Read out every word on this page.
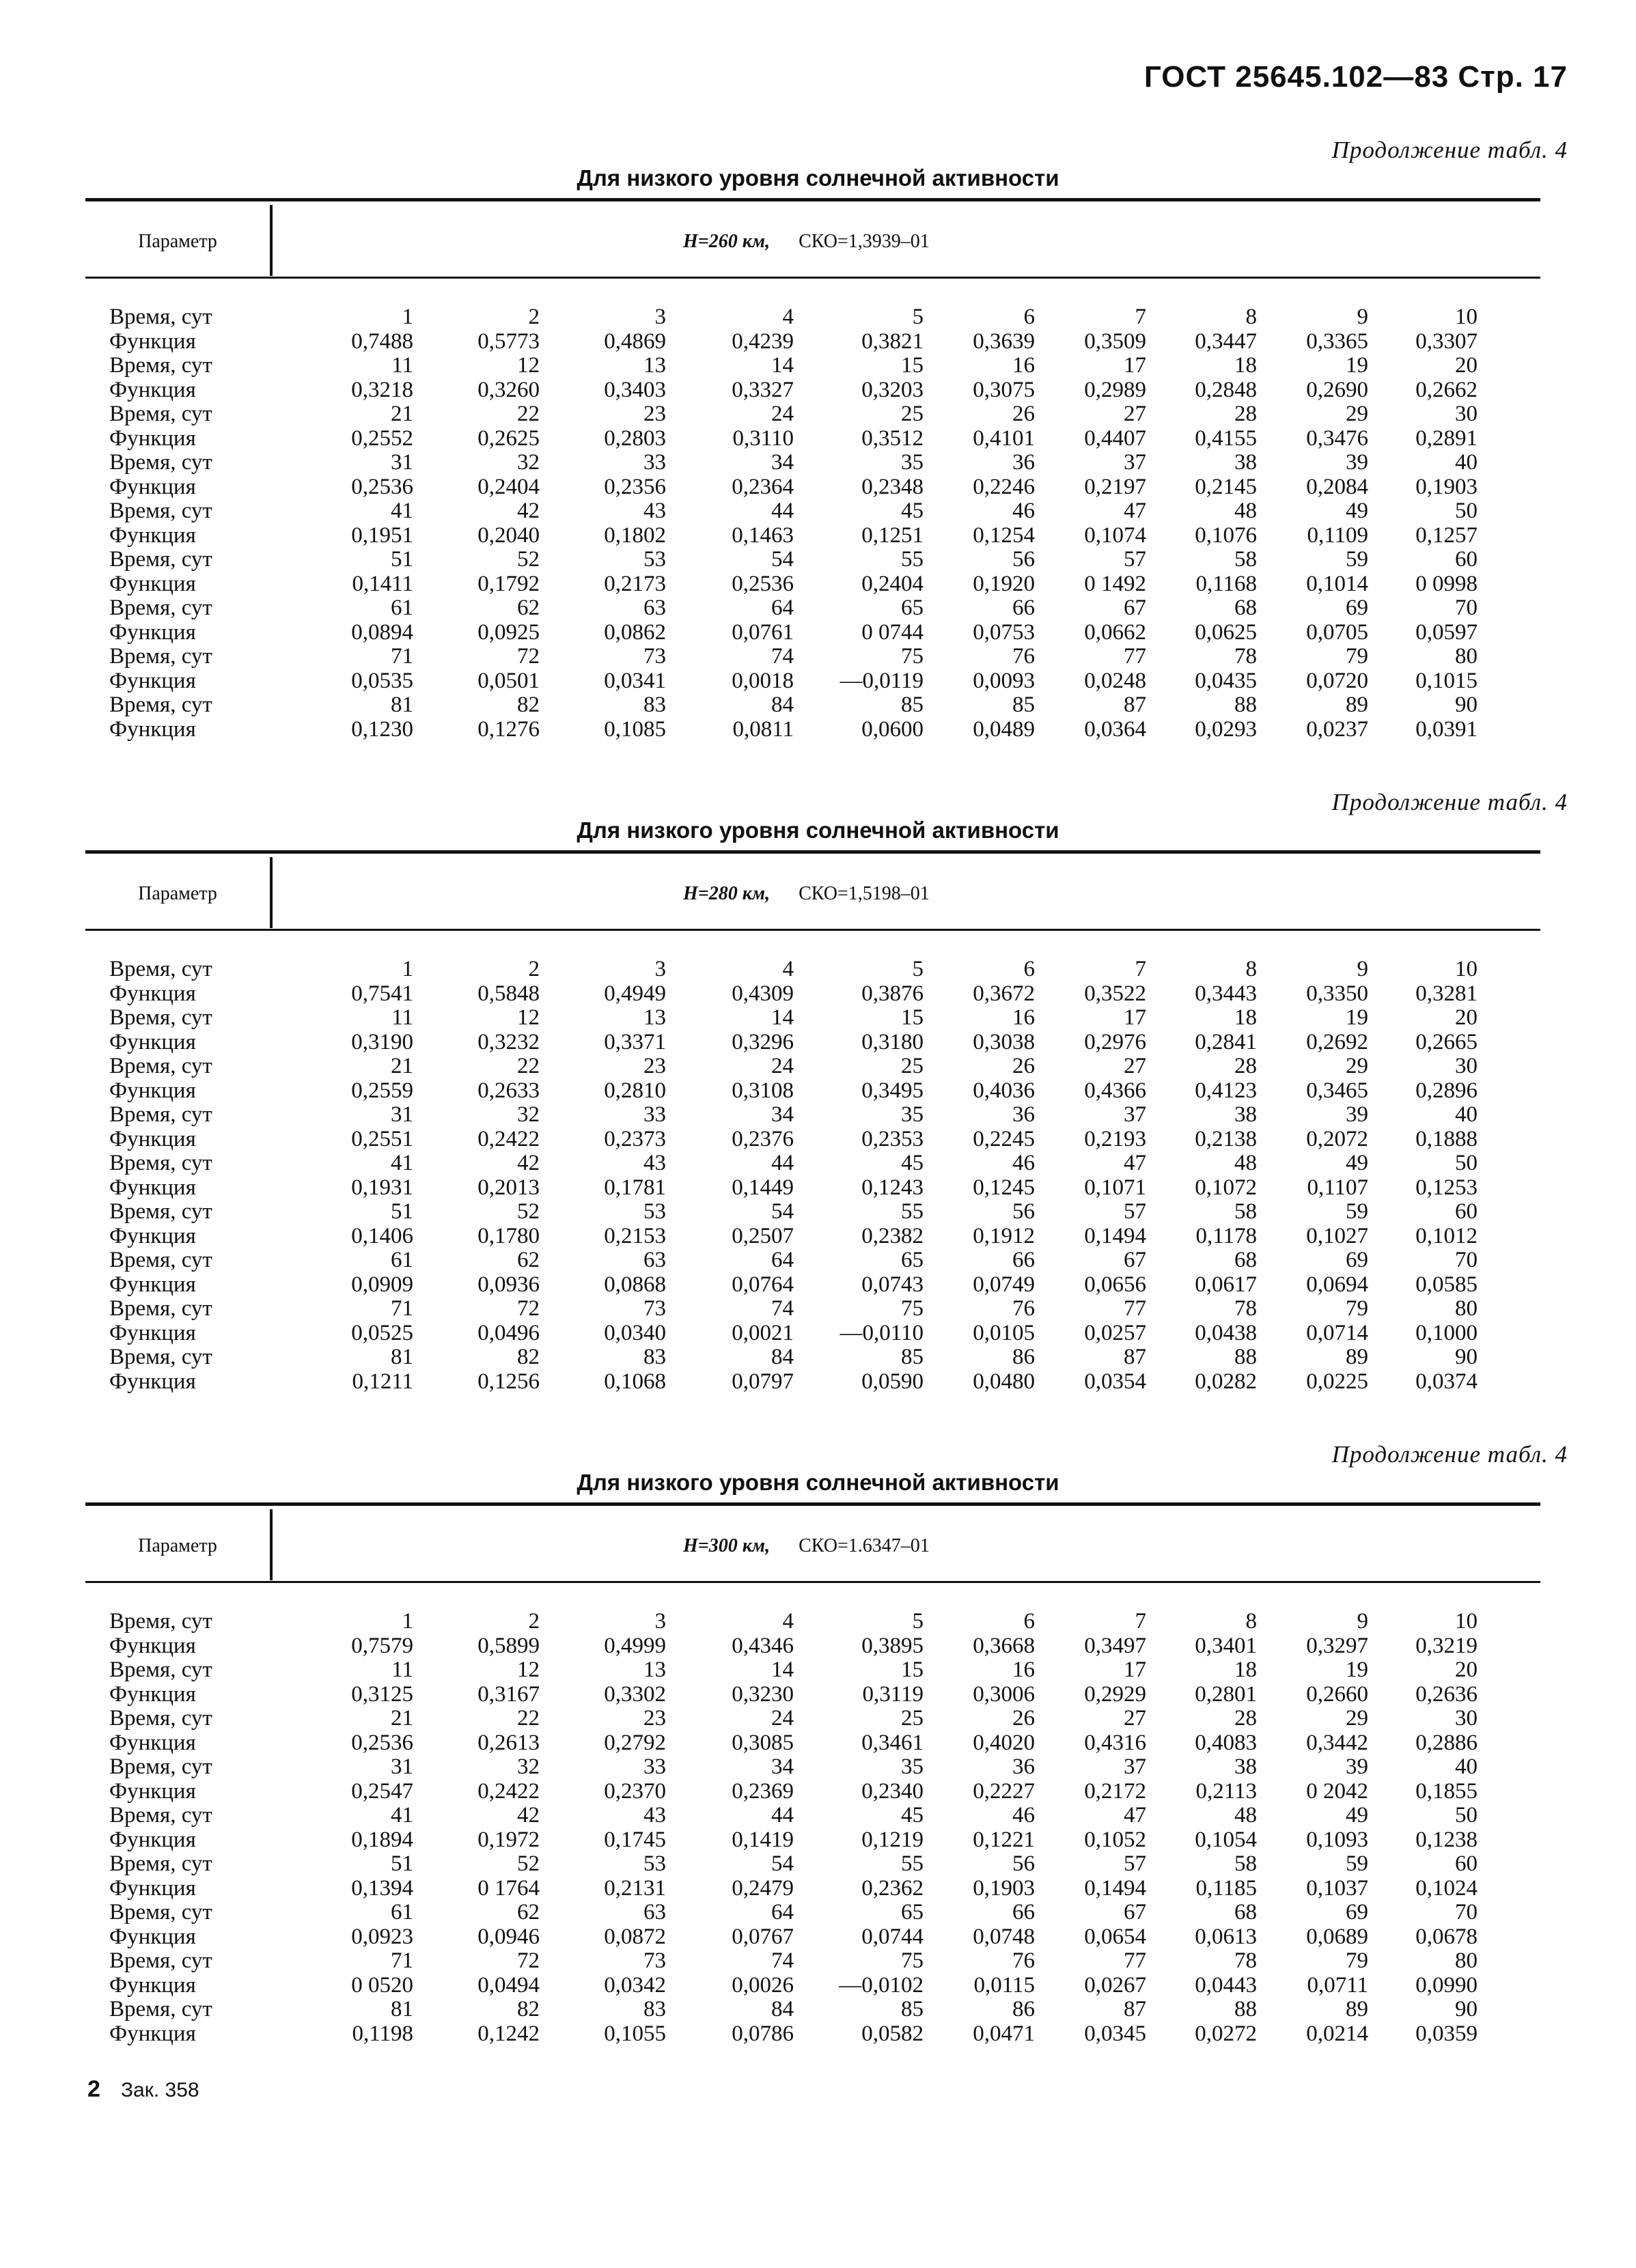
ГОСТ 25645.102—83 Стр. 17
Продолжение табл. 4
Для низкого уровня солнечной активности
Параметр	Н=260 км, СКО=1,3939–01
Время, сут	1	2	3	4	5	6	7	8	9	10
Функция	0,7488	0,5773	0,4869	0,4239	0,3821 0,3639 0,3509 0,3447 0,3365 0,3307
Время, сут	11	12	13	14	15	16	17	18	19	20
Функция	0,3218	0,3260	0,3403	0,3327	0,3203 0,3075 0,2989 0,2848 0,2690 0,2662
Время, сут	21	22	23	24	25	26	27	28	29	30
Функция	0,2552	0,2625	0,2803	0,3110	0,3512 0,4101 0,4407 0,4155 0,3476 0,2891
Время, сут	31	32	33	34	35	36	37	38	39	40
Функция	0,2536	0,2404	0,2356	0,2364	0,2348 0,2246 0,2197 0,2145 0,2084 0,1903
Время, сут	41	42	43	44	45	46	47	48	49	50
Функция	0,1951	0,2040	0,1802	0,1463	0,1251 0,1254 0,1074 0,1076 0,1109 0,1257
Время, сут	51	52	53	54	55	56	57	58	59	60
Функция	0,1411	0,1792	0,2173	0,2536	0,2404 0,1920 0 1492 0,1168 0,1014 0 0998
Время, сут	61	62	63	64	65	66	67	68	69	70
Функция	0,0894	0,0925	0,0862	0,0761	0 0744 0,0753 0,0662 0,0625 0,0705 0,0597
Время, сут	71	72	73	74	75	76	77	78	79	80
Функция	0,0535	0,0501	0,0341	0,0018 —0,0119 0,0093 0,0248 0,0435 0,0720 0,1015
Время, сут	81	82	83	84	85	85	87	88	89	90
Функция	0,1230	0,1276	0,1085	0,0811	0,0600 0,0489 0,0364 0,0293 0,0237 0,0391
Продолжение табл. 4
Для низкого уровня солнечной активности
Параметр	Н=280 км, СКО=1,5198–01
Время, сут	1	2	3	4	5	6	7	8	9	10
Функция	0,7541	0,5848	0,4949	0,4309	0,3876 0,3672 0,3522 0,3443 0,3350 0,3281
Время, сут	11	12	13	14	15	16	17	18	19	20
Функция	0,3190	0,3232	0,3371	0,3296	0,3180 0,3038 0,2976 0,2841 0,2692 0,2665
Время, сут	21	22	23	24	25	26	27	28	29	30
Функция	0,2559	0,2633	0,2810	0,3108	0,3495 0,4036 0,4366 0,4123 0,3465 0,2896
Время, сут	31	32	33	34	35	36	37	38	39	40
Функция	0,2551	0,2422	0,2373	0,2376	0,2353 0,2245 0,2193 0,2138 0,2072 0,1888
Время, сут	41	42	43	44	45	46	47	48	49	50
Функция	0,1931	0,2013	0,1781	0,1449	0,1243 0,1245 0,1071 0,1072 0,1107 0,1253
Время, сут	51	52	53	54	55	56	57	58	59	60
Функция	0,1406	0,1780	0,2153	0,2507	0,2382 0,1912 0,1494 0,1178 0,1027 0,1012
Время, сут	61	62	63	64	65	66	67	68	69	70
Функция	0,0909	0,0936	0,0868	0,0764	0,0743 0,0749 0,0656 0,0617 0,0694 0,0585
Время, сут	71	72	73	74	75	76	77	78	79	80
Функция	0,0525	0,0496	0,0340	0,0021 —0,0110 0,0105 0,0257 0,0438 0,0714 0,1000
Время, сут	81	82	83	84	85	86	87	88	89	90
Функция	0,1211	0,1256	0,1068	0,0797	0,0590 0,0480 0,0354 0,0282 0,0225 0,0374
Продолжение табл. 4
Для низкого уровня солнечной активности
Параметр	Н=300 км, СКО=1.6347–01
Время, сут	1	2	3	4	5	6	7	8	9	10
Функция	0,7579	0,5899	0,4999	0,4346	0,3895 0,3668 0,3497 0,3401 0,3297 0,3219
Время, сут	11	12	13	14	15	16	17	18	19	20
Функция	0,3125	0,3167	0,3302	0,3230	0,3119 0,3006 0,2929 0,2801 0,2660 0,2636
Время, сут	21	22	23	24	25	26	27	28	29	30
Функция	0,2536	0,2613	0,2792	0,3085	0,3461 0,4020 0,4316 0,4083 0,3442 0,2886
Время, сут	31	32	33	34	35	36	37	38	39	40
Функция	0,2547	0,2422	0,2370	0,2369	0,2340 0,2227 0,2172 0,2113 0 2042 0,1855
Время, сут	41	42	43	44	45	46	47	48	49	50
Функция	0,1894	0,1972	0,1745	0,1419	0,1219 0,1221 0,1052 0,1054 0,1093 0,1238
Время, сут	51	52	53	54	55	56	57	58	59	60
Функция	0,1394	0 1764	0,2131	0,2479	0,2362 0,1903 0,1494 0,1185 0,1037 0,1024
Время, сут	61	62	63	64	65	66	67	68	69	70
Функция	0,0923	0,0946	0,0872	0,0767	0,0744 0,0748 0,0654 0,0613 0,0689 0,0678
Время, сут	71	72	73	74	75	76	77	78	79	80
Функция	0 0520	0,0494	0,0342	0,0026 —0,0102 0,0115 0,0267 0,0443 0,0711 0,0990
Время, сут	81	82	83	84	85	86	87	88	89	90
Функция	0,1198	0,1242	0,1055	0,0786	0,0582 0,0471 0,0345 0,0272 0,0214 0,0359
2 Зак. 358
